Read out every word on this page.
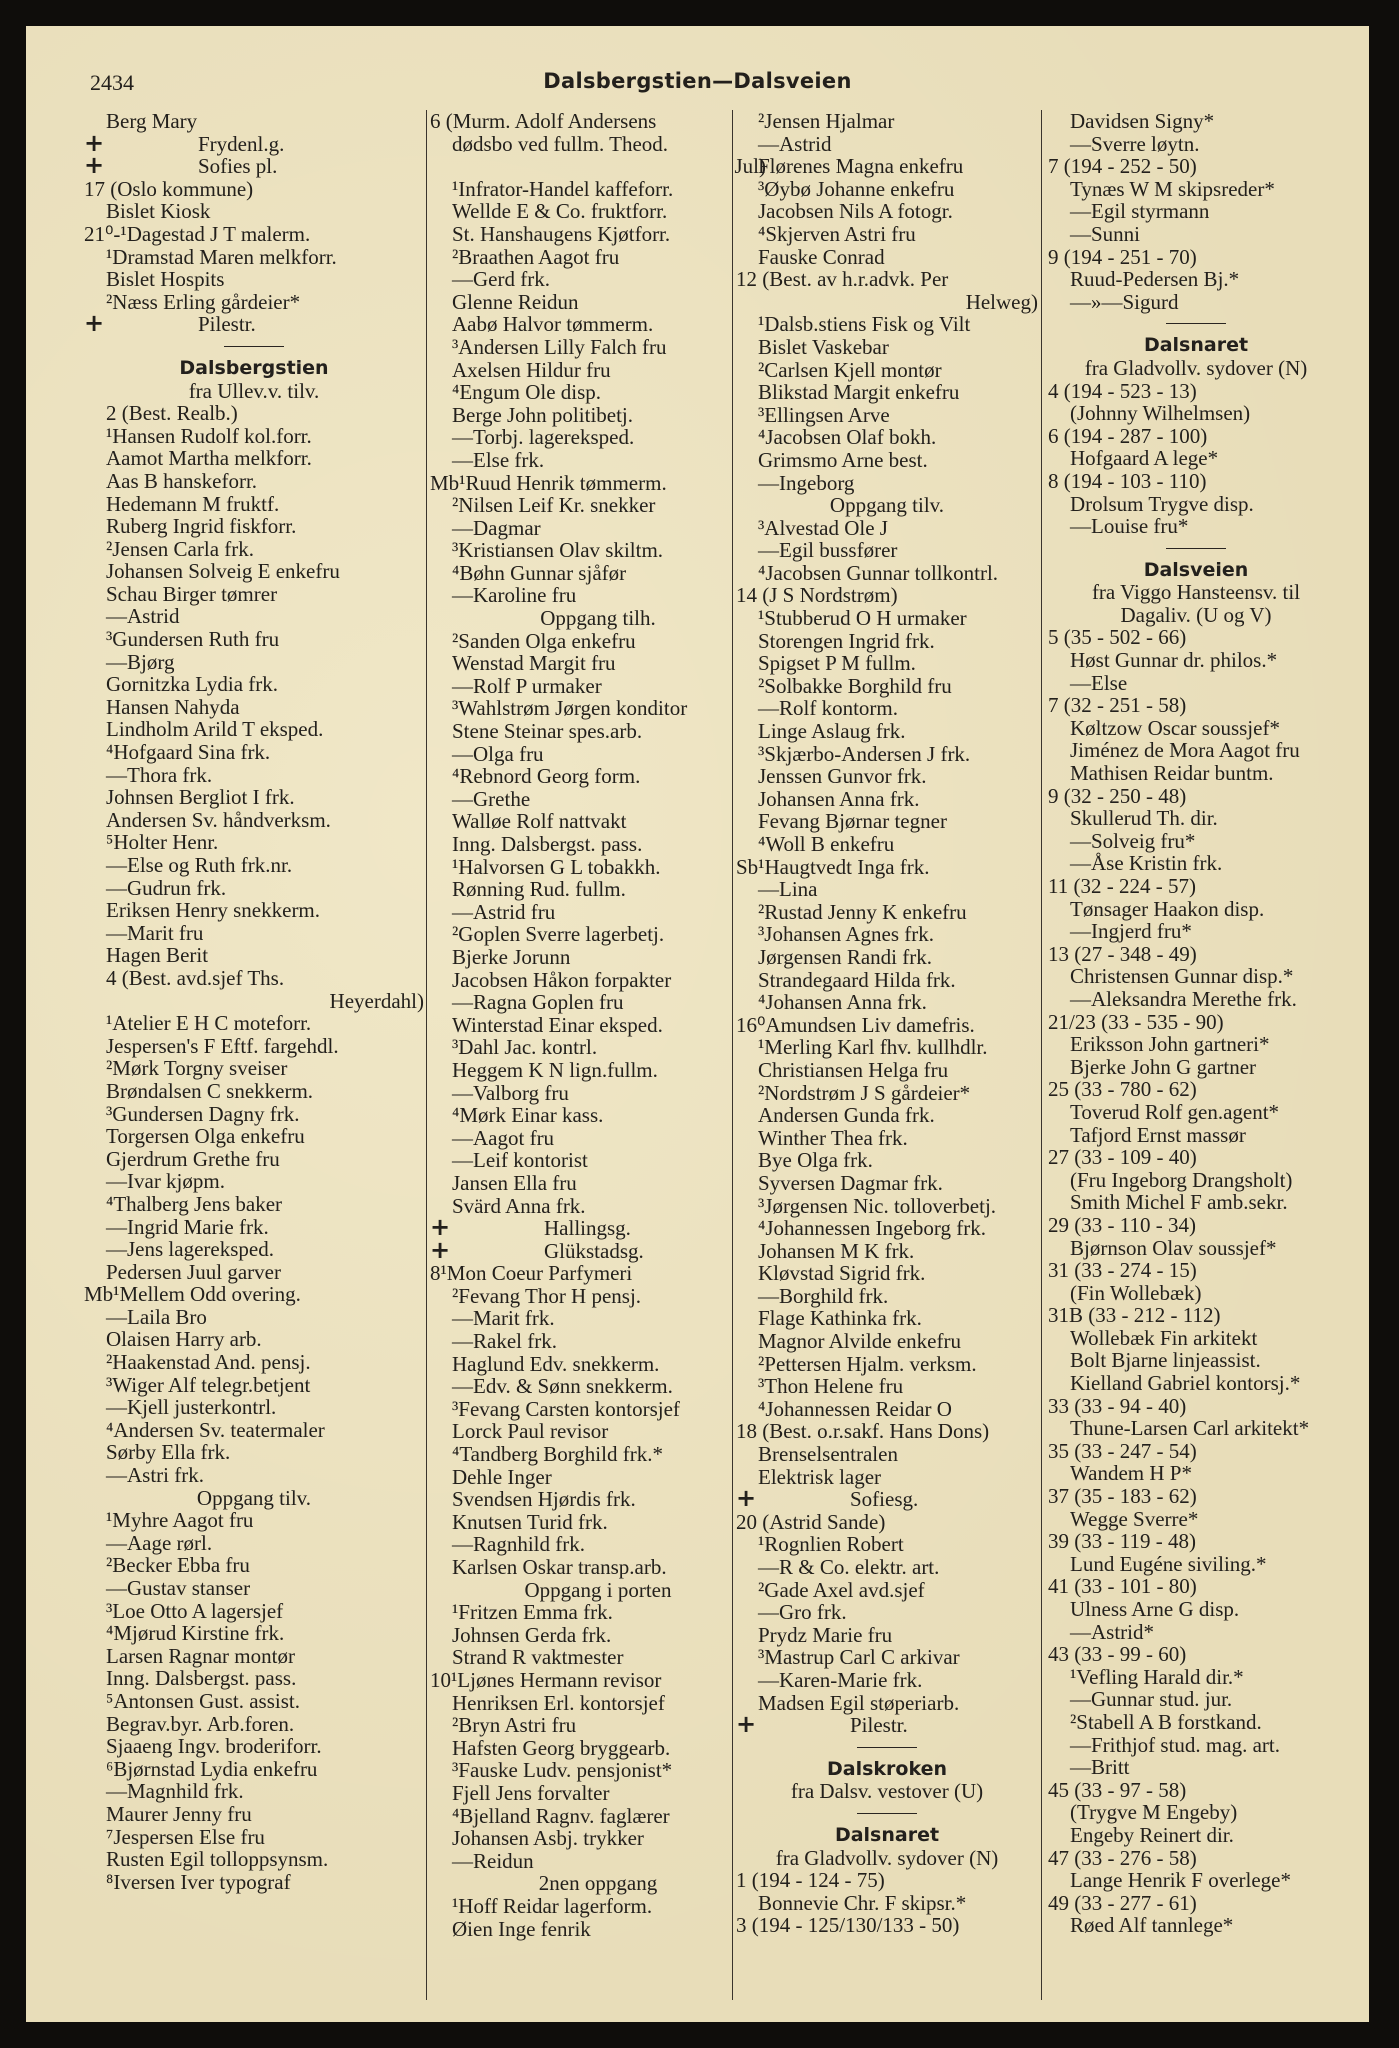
2434	Dalsbergstien—Dalsveien
Berg Mary
+	Frydenl.g.
+	Sofies pl.
17 (Oslo kommune)
Bislet Kiosk
21⁰-¹Dagestad J T malerm.
¹Dramstad Maren melkforr.
Bislet Hospits
²Næss Erling gårdeier*
+	Pilestr.
Dalsbergstien
fra Ullev.v. tilv.
2 (Best. Realb.)
¹Hansen Rudolf kol.forr.
Aamot Martha melkforr.
Aas B hanskeforr.
Hedemann M fruktf.
Ruberg Ingrid fiskforr.
²Jensen Carla frk.
Johansen Solveig E enkefru
Schau Birger tømrer
—Astrid
³Gundersen Ruth fru
—Bjørg
Gornitzka Lydia frk.
Hansen Nahyda
Lindholm Arild T eksped.
⁴Hofgaard Sina frk.
—Thora frk.
Johnsen Bergliot I frk.
Andersen Sv. håndverksm.
⁵Holter Henr.
—Else og Ruth frk.nr.
—Gudrun frk.
Eriksen Henry snekkerm.
—Marit fru
Hagen Berit
4 (Best. avd.sjef Ths.
Heyerdahl)
¹Atelier E H C moteforr.
Jespersen's F Eftf. fargehdl.
²Mørk Torgny sveiser
Brøndalsen C snekkerm.
³Gundersen Dagny frk.
Torgersen Olga enkefru
Gjerdrum Grethe fru
—Ivar kjøpm.
⁴Thalberg Jens baker
—Ingrid Marie frk.
—Jens lagereksped.
Pedersen Juul garver
Mb¹Mellem Odd overing.
—Laila Bro
Olaisen Harry arb.
²Haakenstad And. pensj.
³Wiger Alf telegr.betjent
—Kjell justerkontrl.
⁴Andersen Sv. teatermaler
Sørby Ella frk.
—Astri frk.
Oppgang tilv.
¹Myhre Aagot fru
—Aage rørl.
²Becker Ebba fru
—Gustav stanser
³Loe Otto A lagersjef
⁴Mjørud Kirstine frk.
Larsen Ragnar montør
Inng. Dalsbergst. pass.
⁵Antonsen Gust. assist.
Begrav.byr. Arb.foren.
Sjaaeng Ingv. broderiforr.
⁶Bjørnstad Lydia enkefru
—Magnhild frk.
Maurer Jenny fru
⁷Jespersen Else fru
Rusten Egil tolloppsynsm.
⁸Iversen Iver typograf
6 (Murm. Adolf Andersens
dødsbo ved fullm. Theod.
Jul)
¹Infrator-Handel kaffeforr.
Wellde E & Co. fruktforr.
St. Hanshaugens Kjøtforr.
²Braathen Aagot fru
—Gerd frk.
Glenne Reidun
Aabø Halvor tømmerm.
³Andersen Lilly Falch fru
Axelsen Hildur fru
⁴Engum Ole disp.
Berge John politibetj.
—Torbj. lagereksped.
—Else frk.
Mb¹Ruud Henrik tømmerm.
²Nilsen Leif Kr. snekker
—Dagmar
³Kristiansen Olav skiltm.
⁴Bøhn Gunnar sjåfør
—Karoline fru
Oppgang tilh.
²Sanden Olga enkefru
Wenstad Margit fru
—Rolf P urmaker
³Wahlstrøm Jørgen konditor
Stene Steinar spes.arb.
—Olga fru
⁴Rebnord Georg form.
—Grethe
Walløe Rolf nattvakt
Inng. Dalsbergst. pass.
¹Halvorsen G L tobakkh.
Rønning Rud. fullm.
—Astrid fru
²Goplen Sverre lagerbetj.
Bjerke Jorunn
Jacobsen Håkon forpakter
—Ragna Goplen fru
Winterstad Einar eksped.
³Dahl Jac. kontrl.
Heggem K N lign.fullm.
—Valborg fru
⁴Mørk Einar kass.
—Aagot fru
—Leif kontorist
Jansen Ella fru
Svärd Anna frk.
+	Hallingsg.
+	Glükstadsg.
8¹Mon Coeur Parfymeri
²Fevang Thor H pensj.
—Marit frk.
—Rakel frk.
Haglund Edv. snekkerm.
—Edv. & Sønn snekkerm.
³Fevang Carsten kontorsjef
Lorck Paul revisor
⁴Tandberg Borghild frk.*
Dehle Inger
Svendsen Hjørdis frk.
Knutsen Turid frk.
—Ragnhild frk.
Karlsen Oskar transp.arb.
Oppgang i porten
¹Fritzen Emma frk.
Johnsen Gerda frk.
Strand R vaktmester
10¹Ljønes Hermann revisor
Henriksen Erl. kontorsjef
²Bryn Astri fru
Hafsten Georg bryggearb.
³Fauske Ludv. pensjonist*
Fjell Jens forvalter
⁴Bjelland Ragnv. faglærer
Johansen Asbj. trykker
—Reidun
2nen oppgang
¹Hoff Reidar lagerform.
Øien Inge fenrik
²Jensen Hjalmar
—Astrid
Flørenes Magna enkefru
³Øybø Johanne enkefru
Jacobsen Nils A fotogr.
⁴Skjerven Astri fru
Fauske Conrad
12 (Best. av h.r.advk. Per
Helweg)
¹Dalsb.stiens Fisk og Vilt
Bislet Vaskebar
²Carlsen Kjell montør
Blikstad Margit enkefru
³Ellingsen Arve
⁴Jacobsen Olaf bokh.
Grimsmo Arne best.
—Ingeborg
Oppgang tilv.
³Alvestad Ole J
—Egil bussfører
⁴Jacobsen Gunnar tollkontrl.
14 (J S Nordstrøm)
¹Stubberud O H urmaker
Storengen Ingrid frk.
Spigset P M fullm.
²Solbakke Borghild fru
—Rolf kontorm.
Linge Aslaug frk.
³Skjærbo-Andersen J frk.
Jenssen Gunvor frk.
Johansen Anna frk.
Fevang Bjørnar tegner
⁴Woll B enkefru
Sb¹Haugtvedt Inga frk.
—Lina
²Rustad Jenny K enkefru
³Johansen Agnes frk.
Jørgensen Randi frk.
Strandegaard Hilda frk.
⁴Johansen Anna frk.
16⁰Amundsen Liv damefris.
¹Merling Karl fhv. kullhdlr.
Christiansen Helga fru
²Nordstrøm J S gårdeier*
Andersen Gunda frk.
Winther Thea frk.
Bye Olga frk.
Syversen Dagmar frk.
³Jørgensen Nic. tolloverbetj.
⁴Johannessen Ingeborg frk.
Johansen M K frk.
Kløvstad Sigrid frk.
—Borghild frk.
Flage Kathinka frk.
Magnor Alvilde enkefru
²Pettersen Hjalm. verksm.
³Thon Helene fru
⁴Johannessen Reidar O
18 (Best. o.r.sakf. Hans Dons)
Brenselsentralen
Elektrisk lager
+	Sofiesg.
20 (Astrid Sande)
¹Rognlien Robert
—R & Co. elektr. art.
²Gade Axel avd.sjef
—Gro frk.
Prydz Marie fru
³Mastrup Carl C arkivar
—Karen-Marie frk.
Madsen Egil støperiarb.
+	Pilestr.
Dalskroken
fra Dalsv. vestover (U)
Dalsnaret
fra Gladvollv. sydover (N)
1 (194 - 124 - 75)
Bonnevie Chr. F skipsr.*
3 (194 - 125/130/133 - 50)
Davidsen Signy*
—Sverre løytn.
7 (194 - 252 - 50)
Tynæs W M skipsreder*
—Egil styrmann
—Sunni
9 (194 - 251 - 70)
Ruud-Pedersen Bj.*
—»—Sigurd
Dalsnaret
fra Gladvollv. sydover (N)
4 (194 - 523 - 13)
(Johnny Wilhelmsen)
6 (194 - 287 - 100)
Hofgaard A lege*
8 (194 - 103 - 110)
Drolsum Trygve disp.
—Louise fru*
Dalsveien
fra Viggo Hansteensv. til
Dagaliv. (U og V)
5 (35 - 502 - 66)
Høst Gunnar dr. philos.*
—Else
7 (32 - 251 - 58)
Køltzow Oscar soussjef*
Jiménez de Mora Aagot fru
Mathisen Reidar buntm.
9 (32 - 250 - 48)
Skullerud Th. dir.
—Solveig fru*
—Åse Kristin frk.
11 (32 - 224 - 57)
Tønsager Haakon disp.
—Ingjerd fru*
13 (27 - 348 - 49)
Christensen Gunnar disp.*
—Aleksandra Merethe frk.
21/23 (33 - 535 - 90)
Eriksson John gartneri*
Bjerke John G gartner
25 (33 - 780 - 62)
Toverud Rolf gen.agent*
Tafjord Ernst massør
27 (33 - 109 - 40)
(Fru Ingeborg Drangsholt)
Smith Michel F amb.sekr.
29 (33 - 110 - 34)
Bjørnson Olav soussjef*
31 (33 - 274 - 15)
(Fin Wollebæk)
31B (33 - 212 - 112)
Wollebæk Fin arkitekt
Bolt Bjarne linjeassist.
Kielland Gabriel kontorsj.*
33 (33 - 94 - 40)
Thune-Larsen Carl arkitekt*
35 (33 - 247 - 54)
Wandem H P*
37 (35 - 183 - 62)
Wegge Sverre*
39 (33 - 119 - 48)
Lund Eugéne siviling.*
41 (33 - 101 - 80)
Ulness Arne G disp.
—Astrid*
43 (33 - 99 - 60)
¹Vefling Harald dir.*
—Gunnar stud. jur.
²Stabell A B forstkand.
—Frithjof stud. mag. art.
—Britt
45 (33 - 97 - 58)
(Trygve M Engeby)
Engeby Reinert dir.
47 (33 - 276 - 58)
Lange Henrik F overlege*
49 (33 - 277 - 61)
Røed Alf tannlege*
